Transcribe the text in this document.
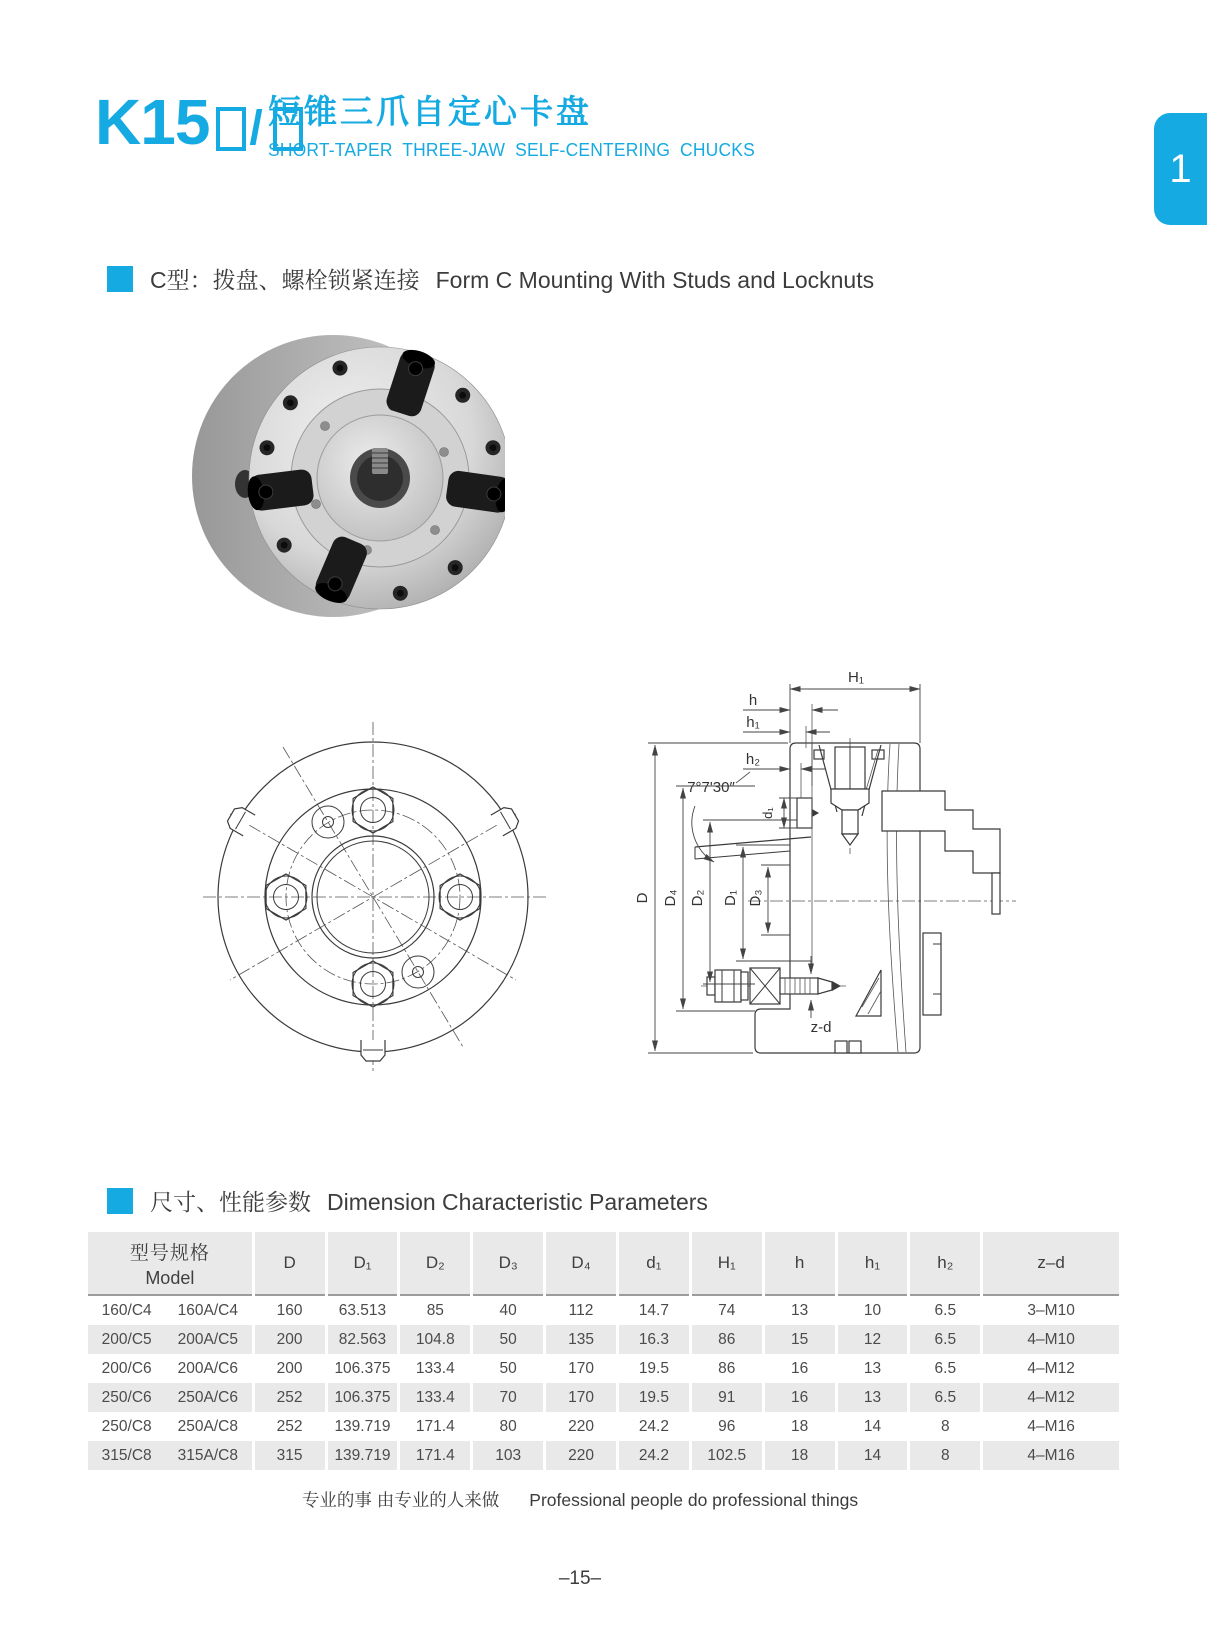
K15 / 短锥三爪自定心卡盘
SHORT-TAPER THREE-JAW SELF-CENTERING CHUCKS	1
C型：拨盘、螺栓锁紧连接 Form C Mounting With Studs and Locknuts
H₁
h
h₁
h₂
7°7'30″
d₁
D D₄ D₂ D₁ D₃
z-d
尺寸、性能参数 Dimension Characteristic Parameters
型号规格
Model	D	D₁	D₂	D₃	D₄	d₁	H₁	h	h₁	h₂	z–d

160/C4 160A/C4	160	63.513	85	40	112	14.7	74	13	10	6.5	3–M10

200/C5 200A/C5	200	82.563	104.8	50	135	16.3	86	15	12	6.5	4–M10

200/C6 200A/C6	200	106.375	133.4	50	170	19.5	86	16	13	6.5	4–M12

250/C6 250A/C6	252	106.375	133.4	70	170	19.5	91	16	13	6.5	4–M12

250/C8 250A/C8	252	139.719	171.4	80	220	24.2	96	18	14	8	4–M16

315/C8 315A/C8	315	139.719	171.4	103	220	24.2	102.5	18	14	8	4–M16
专业的事 由专业的人来做 Professional people do professional things
–15–
